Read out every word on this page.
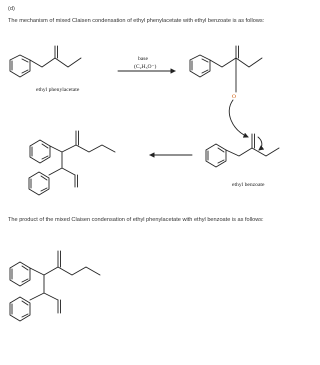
(d)
The mechanism of mixed Claisen condensation of ethyl phenylacetate with ethyl benzoate is as follows:
The product of the mixed Claisen condensation of ethyl phenylacetate with ethyl benzoate is as follows:
ethyl phenylacetate
base
(C₂H₅O⁻)
O
ethyl benzoate
